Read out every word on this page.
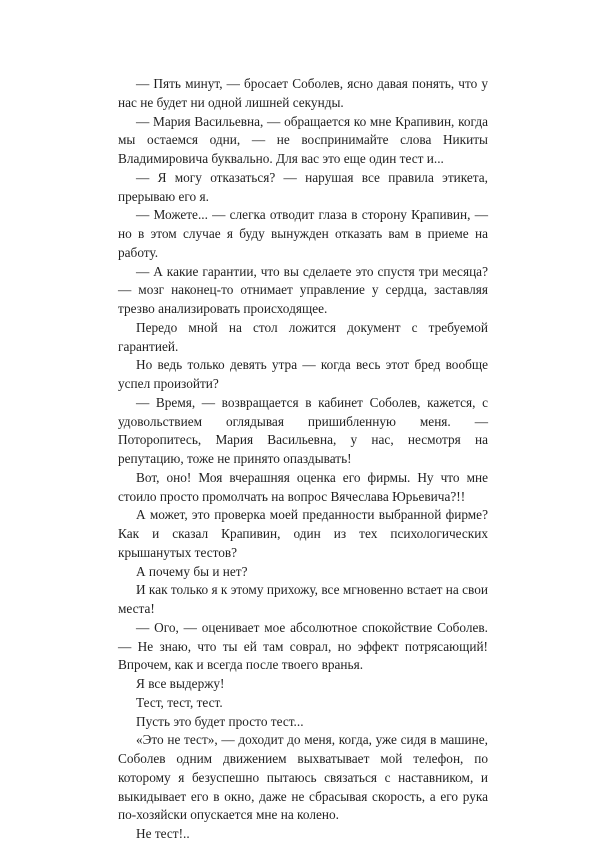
— Пять минут, — бросает Соболев, ясно давая понять, что у нас не будет ни одной лишней секунды.

— Мария Васильевна, — обращается ко мне Крапивин, когда мы остаемся одни, — не воспринимайте слова Никиты Владимировича буквально. Для вас это еще один тест и...

— Я могу отказаться? — нарушая все правила этикета, прерываю его я.

— Можете... — слегка отводит глаза в сторону Крапивин, — но в этом случае я буду вынужден отказать вам в приеме на работу.

— А какие гарантии, что вы сделаете это спустя три месяца? — мозг наконец-то отнимает управление у сердца, заставляя трезво анализировать происходящее.

Передо мной на стол ложится документ с требуемой гарантией.

Но ведь только девять утра — когда весь этот бред вообще успел произойти?

— Время, — возвращается в кабинет Соболев, кажется, с удовольствием оглядывая пришибленную меня. — Поторопитесь, Мария Васильевна, у нас, несмотря на репутацию, тоже не принято опаздывать!

Вот, оно! Моя вчерашняя оценка его фирмы. Ну что мне стоило просто промолчать на вопрос Вячеслава Юрьевича?!!

А может, это проверка моей преданности выбранной фирме? Как и сказал Крапивин, один из тех психологических крышанутых тестов?

А почему бы и нет?

И как только я к этому прихожу, все мгновенно встает на свои места!

— Ого, — оценивает мое абсолютное спокойствие Соболев. — Не знаю, что ты ей там соврал, но эффект потрясающий! Впрочем, как и всегда после твоего вранья.

Я все выдержу!

Тест, тест, тест.

Пусть это будет просто тест...

«Это не тест», — доходит до меня, когда, уже сидя в машине, Соболев одним движением выхватывает мой телефон, по которому я безуспешно пытаюсь связаться с наставником, и выкидывает его в окно, даже не сбрасывая скорость, а его рука по-хозяйски опускается мне на колено.

Не тест!..
